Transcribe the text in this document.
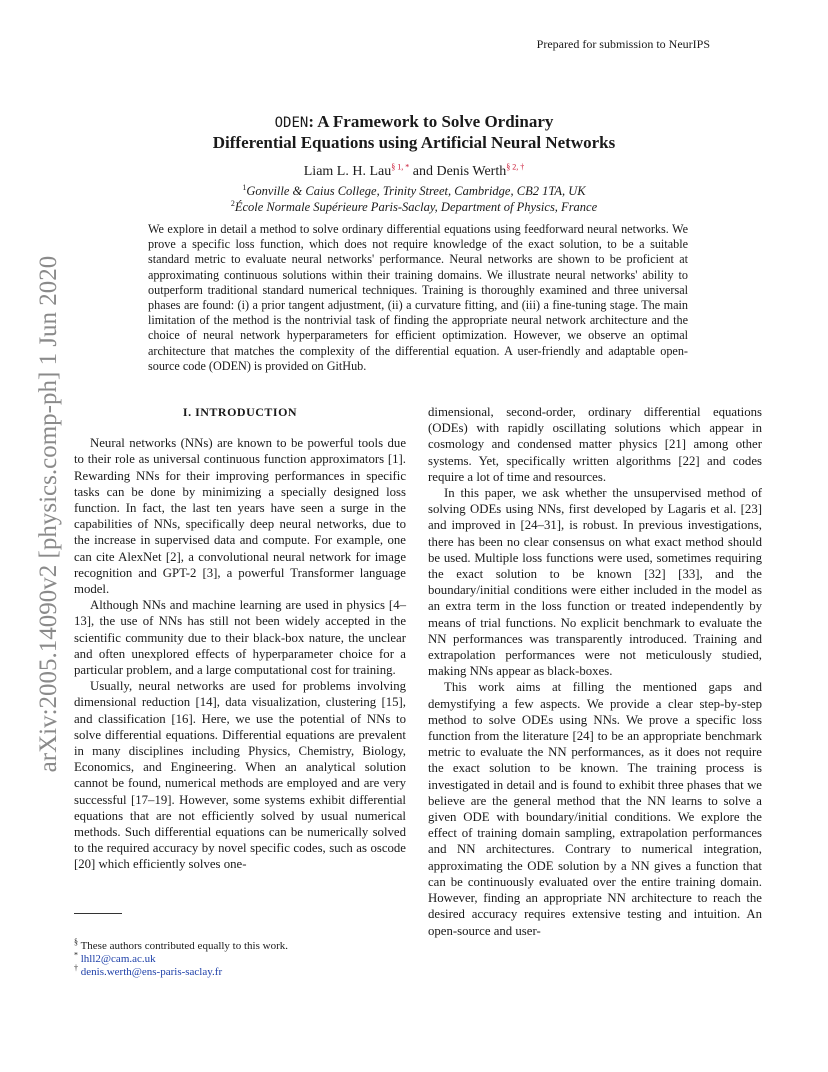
Prepared for submission to NeurIPS
arXiv:2005.14090v2 [physics.comp-ph] 1 Jun 2020
ODEN: A Framework to Solve Ordinary
Differential Equations using Artificial Neural Networks
Liam L. H. Lau$^{\S 1, *}$ and Denis Werth$^{\S 2, \dagger}$
$^1$Gonville & Caius College, Trinity Street, Cambridge, CB2 1TA, UK
$^2$École Normale Supérieure Paris-Saclay, Department of Physics, France
We explore in detail a method to solve ordinary differential equations using feedforward neural networks. We prove a specific loss function, which does not require knowledge of the exact solution, to be a suitable standard metric to evaluate neural networks' performance. Neural networks are shown to be proficient at approximating continuous solutions within their training domains. We illustrate neural networks' ability to outperform traditional standard numerical techniques. Training is thoroughly examined and three universal phases are found: (i) a prior tangent adjustment, (ii) a curvature fitting, and (iii) a fine-tuning stage. The main limitation of the method is the nontrivial task of finding the appropriate neural network architecture and the choice of neural network hyperparameters for efficient optimization. However, we observe an optimal architecture that matches the complexity of the differential equation. A user-friendly and adaptable open-source code (ODEN) is provided on GitHub.
I. INTRODUCTION

Neural networks (NNs) are known to be powerful tools due to their role as universal continuous function approximators [1]. Rewarding NNs for their improving performances in specific tasks can be done by minimizing a specially designed loss function. In fact, the last ten years have seen a surge in the capabilities of NNs, specifically deep neural networks, due to the increase in supervised data and compute. For example, one can cite AlexNet [2], a convolutional neural network for image recognition and GPT-2 [3], a powerful Transformer language model.

Although NNs and machine learning are used in physics [4–13], the use of NNs has still not been widely accepted in the scientific community due to their black-box nature, the unclear and often unexplored effects of hyperparameter choice for a particular problem, and a large computational cost for training.

Usually, neural networks are used for problems involving dimensional reduction [14], data visualization, clustering [15], and classification [16]. Here, we use the potential of NNs to solve differential equations. Differential equations are prevalent in many disciplines including Physics, Chemistry, Biology, Economics, and Engineering. When an analytical solution cannot be found, numerical methods are employed and are very successful [17–19]. However, some systems exhibit differential equations that are not efficiently solved by usual numerical methods. Such differential equations can be numerically solved to the required accuracy by novel specific codes, such as oscode [20] which efficiently solves one-

dimensional, second-order, ordinary differential equations (ODEs) with rapidly oscillating solutions which appear in cosmology and condensed matter physics [21] among other systems. Yet, specifically written algorithms [22] and codes require a lot of time and resources.

In this paper, we ask whether the unsupervised method of solving ODEs using NNs, first developed by Lagaris et al. [23] and improved in [24–31], is robust. In previous investigations, there has been no clear consensus on what exact method should be used. Multiple loss functions were used, sometimes requiring the exact solution to be known [32] [33], and the boundary/initial conditions were either included in the model as an extra term in the loss function or treated independently by means of trial functions. No explicit benchmark to evaluate the NN performances was transparently introduced. Training and extrapolation performances were not meticulously studied, making NNs appear as black-boxes.

This work aims at filling the mentioned gaps and demystifying a few aspects. We provide a clear step-by-step method to solve ODEs using NNs. We prove a specific loss function from the literature [24] to be an appropriate benchmark metric to evaluate the NN performances, as it does not require the exact solution to be known. The training process is investigated in detail and is found to exhibit three phases that we believe are the general method that the NN learns to solve a given ODE with boundary/initial conditions. We explore the effect of training domain sampling, extrapolation performances and NN architectures. Contrary to numerical integration, approximating the ODE solution by a NN gives a function that can be continuously evaluated over the entire training domain. However, finding an appropriate NN architecture to reach the desired accuracy requires extensive testing and intuition. An open-source and user-

§ These authors contributed equally to this work.
* lhll2@cam.ac.uk
† denis.werth@ens-paris-saclay.fr
